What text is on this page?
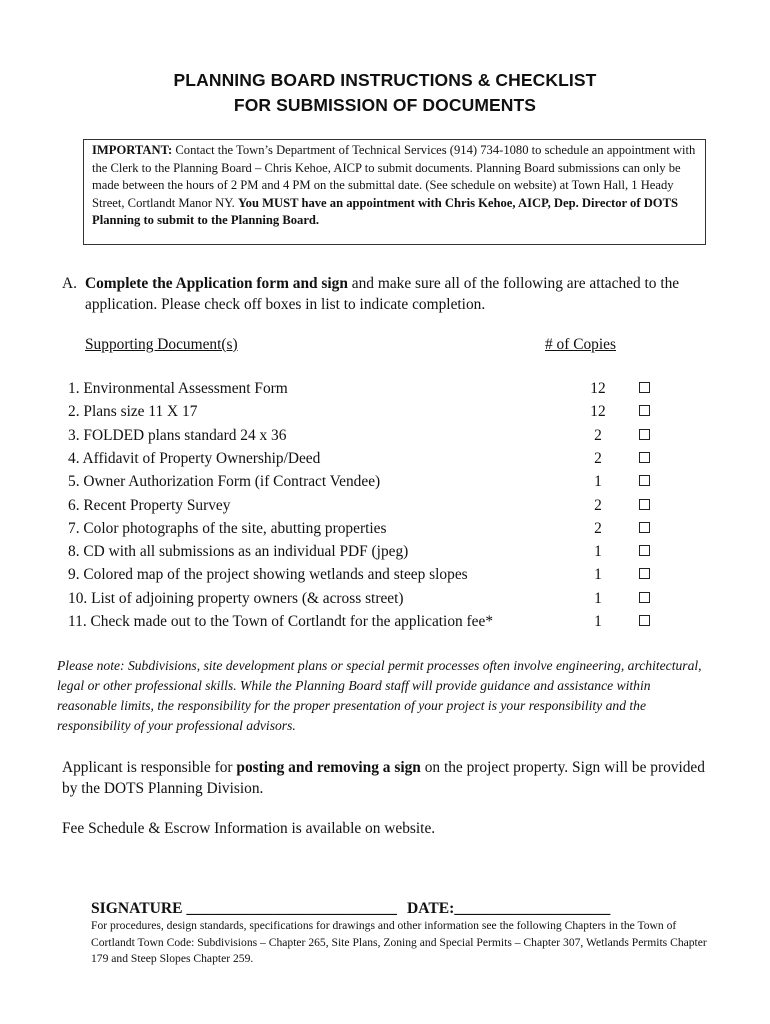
PLANNING BOARD INSTRUCTIONS & CHECKLIST
FOR SUBMISSION OF DOCUMENTS
IMPORTANT: Contact the Town’s Department of Technical Services (914) 734-1080 to schedule an appointment with the Clerk to the Planning Board – Chris Kehoe, AICP to submit documents. Planning Board submissions can only be made between the hours of 2 PM and 4 PM on the submittal date. (See schedule on website) at Town Hall, 1 Heady Street, Cortlandt Manor NY. You MUST have an appointment with Chris Kehoe, AICP, Dep. Director of DOTS Planning to submit to the Planning Board.
A. Complete the Application form and sign and make sure all of the following are attached to the application. Please check off boxes in list to indicate completion.
Supporting Document(s)	# of Copies
1. Environmental Assessment Form	12
2. Plans size 11 X 17	12
3. FOLDED plans standard 24 x 36	2
4. Affidavit of Property Ownership/Deed	2
5. Owner Authorization Form (if Contract Vendee)	1
6. Recent Property Survey	2
7. Color photographs of the site, abutting properties	2
8. CD with all submissions as an individual PDF (jpeg)	1
9. Colored map of the project showing wetlands and steep slopes	1
10. List of adjoining property owners (& across street)	1
11. Check made out to the Town of Cortlandt for the application fee*	1
Please note: Subdivisions, site development plans or special permit processes often involve engineering, architectural, legal or other professional skills. While the Planning Board staff will provide guidance and assistance within reasonable limits, the responsibility for the proper presentation of your project is your responsibility and the responsibility of your professional advisors.
Applicant is responsible for posting and removing a sign on the project property. Sign will be provided by the DOTS Planning Division.
Fee Schedule & Escrow Information is available on website.
SIGNATURE ___________________________ DATE:____________________
For procedures, design standards, specifications for drawings and other information see the following Chapters in the Town of Cortlandt Town Code: Subdivisions – Chapter 265, Site Plans, Zoning and Special Permits – Chapter 307, Wetlands Permits Chapter 179 and Steep Slopes Chapter 259.
